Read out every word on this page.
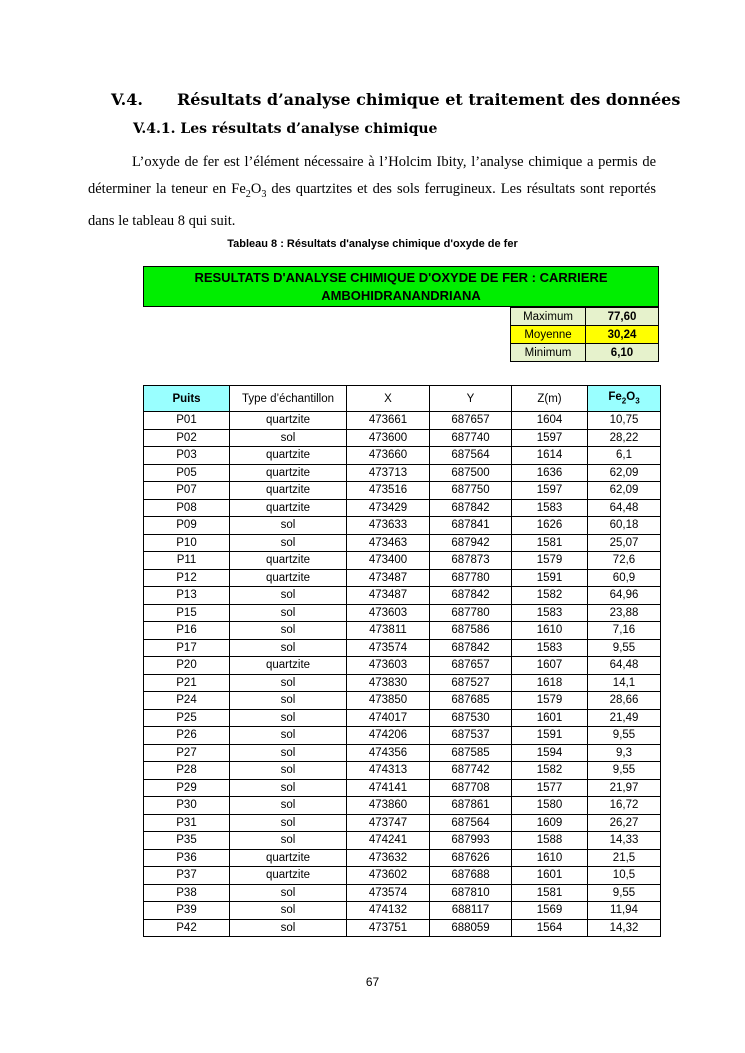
V.4. Résultats d’analyse chimique et traitement des données
V.4.1. Les résultats d’analyse chimique

L’oxyde de fer est l’élément nécessaire à l’Holcim Ibity, l’analyse chimique a permis de déterminer la teneur en $Fe_2O_3$ des quartzites et des sols ferrugineux. Les résultats sont reportés dans le tableau 8 qui suit.

Tableau 8 : Résultats d'analyse chimique d'oxyde de fer
RESULTATS D'ANALYSE CHIMIQUE D'OXYDE DE FER : CARRIERE AMBOHIDRANANDRIANA
Maximum	77,60
Moyenne	30,24
Minimum	6,10
Puits	Type d’échantillon	X	Y	Z(m)	$Fe_2O_3$
P01	quartzite	473661	687657	1604	10,75
P02	sol	473600	687740	1597	28,22
P03	quartzite	473660	687564	1614	6,1
P05	quartzite	473713	687500	1636	62,09
P07	quartzite	473516	687750	1597	62,09
P08	quartzite	473429	687842	1583	64,48
P09	sol	473633	687841	1626	60,18
P10	sol	473463	687942	1581	25,07
P11	quartzite	473400	687873	1579	72,6
P12	quartzite	473487	687780	1591	60,9
P13	sol	473487	687842	1582	64,96
P15	sol	473603	687780	1583	23,88
P16	sol	473811	687586	1610	7,16
P17	sol	473574	687842	1583	9,55
P20	quartzite	473603	687657	1607	64,48
P21	sol	473830	687527	1618	14,1
P24	sol	473850	687685	1579	28,66
P25	sol	474017	687530	1601	21,49
P26	sol	474206	687537	1591	9,55
P27	sol	474356	687585	1594	9,3
P28	sol	474313	687742	1582	9,55
P29	sol	474141	687708	1577	21,97
P30	sol	473860	687861	1580	16,72
P31	sol	473747	687564	1609	26,27
P35	sol	474241	687993	1588	14,33
P36	quartzite	473632	687626	1610	21,5
P37	quartzite	473602	687688	1601	10,5
P38	sol	473574	687810	1581	9,55
P39	sol	474132	688117	1569	11,94
P42	sol	473751	688059	1564	14,32
67
